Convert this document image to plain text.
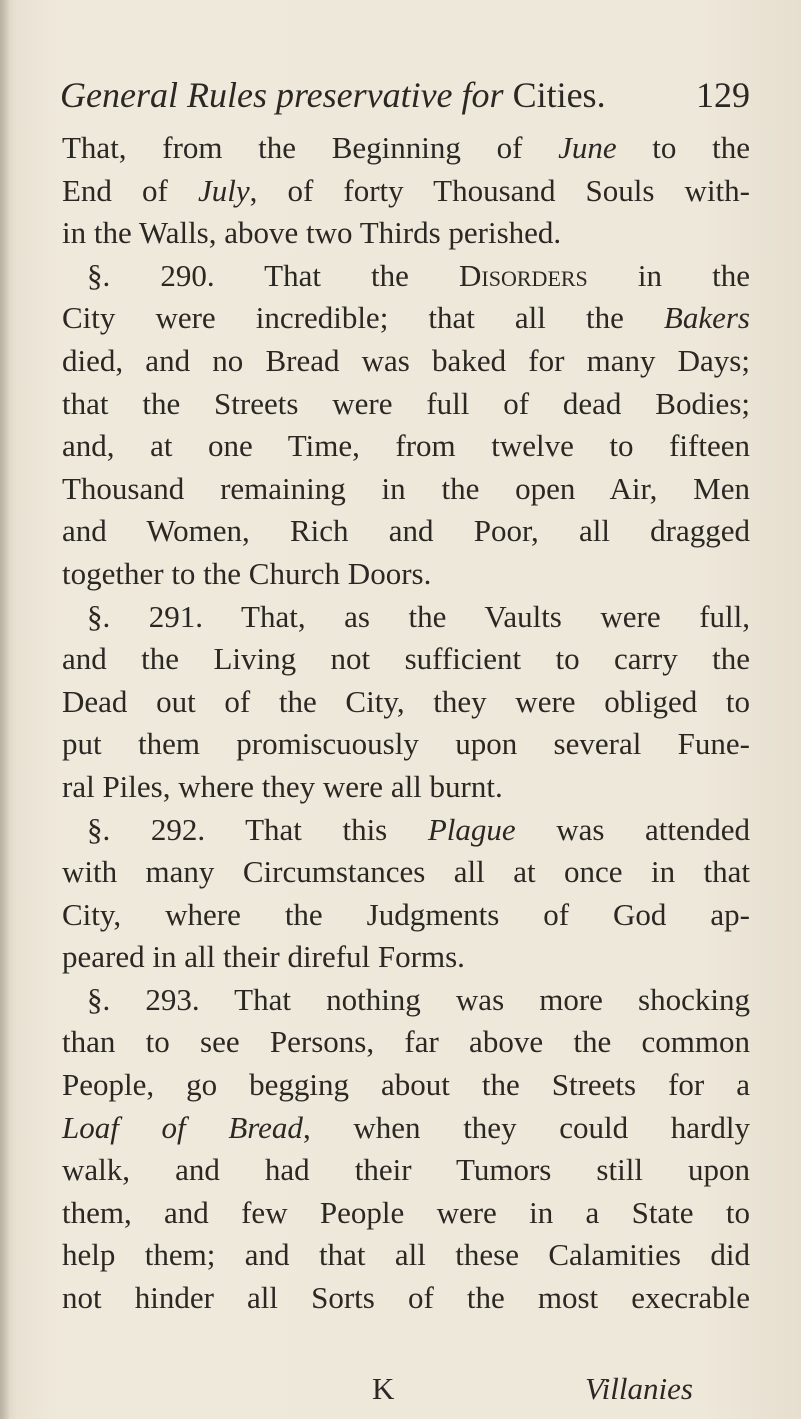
General Rules preservative for Cities.	129
That, from the Beginning of June to the
End of July, of forty Thousand Souls with-
in the Walls, above two Thirds perished.
§. 290. That the Disorders in the
City were incredible; that all the Bakers
died, and no Bread was baked for many Days;
that the Streets were full of dead Bodies;
and, at one Time, from twelve to fifteen
Thousand remaining in the open Air, Men
and Women, Rich and Poor, all dragged
together to the Church Doors.
§. 291. That, as the Vaults were full,
and the Living not sufficient to carry the
Dead out of the City, they were obliged to
put them promiscuously upon several Fune-
ral Piles, where they were all burnt.
§. 292. That this Plague was attended
with many Circumstances all at once in that
City, where the Judgments of God ap-
peared in all their direful Forms.
§. 293. That nothing was more shocking
than to see Persons, far above the common
People, go begging about the Streets for a
Loaf of Bread, when they could hardly
walk, and had their Tumors still upon
them, and few People were in a State to
help them; and that all these Calamities did
not hinder all Sorts of the most execrable
K	Villanies
